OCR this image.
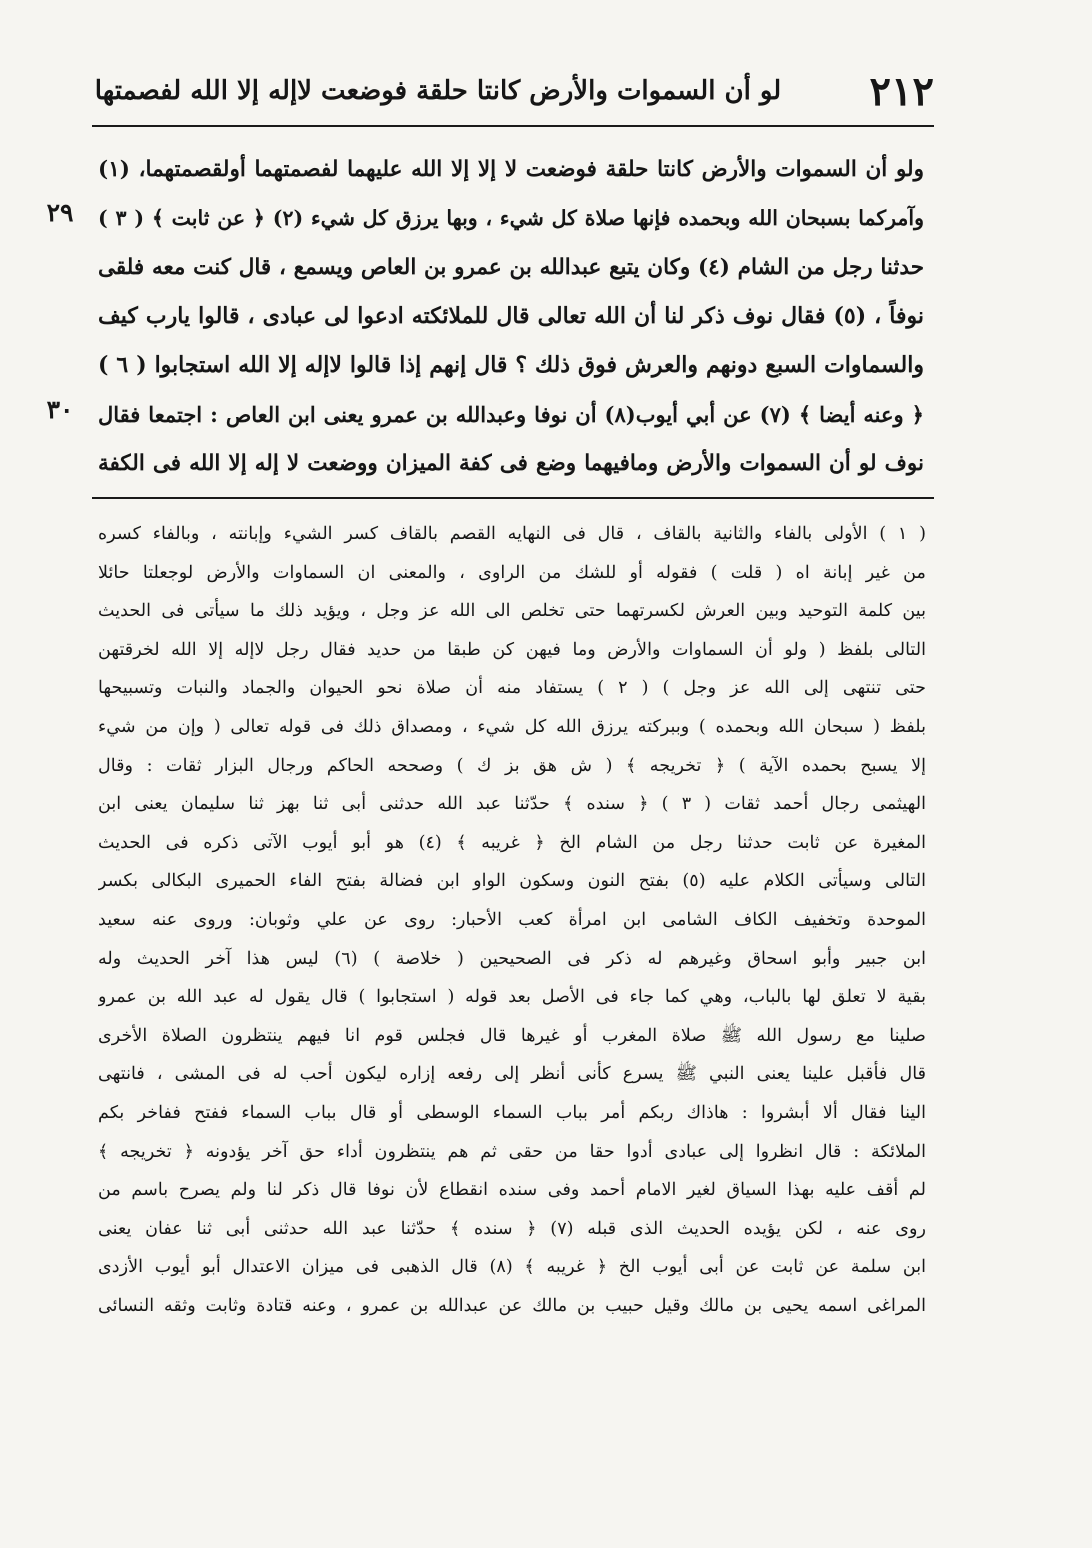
٢١٢
لو أن السموات والأرض كانتا حلقة فوضعت لاإله إلا الله لفصمتها
٢٩
٣٠
ولو أن السموات والأرض كانتا حلقة فوضعت لا إلا إلا الله عليهما لفصمتهما أولقصمتهما، (١)
وآمركما بسبحان الله وبحمده فإنها صلاة كل شيء ، وبها يرزق كل شيء (٢) ﴿ عن ثابت ﴾ ( ٣ )
حدثنا رجل من الشام (٤) وكان يتبع عبدالله بن عمرو بن العاص ويسمع ، قال كنت معه فلقى
نوفاً ، (٥) فقال نوف ذكر لنا أن الله تعالى قال للملائكته ادعوا لى عبادى ، قالوا يارب كيف
والسماوات السبع دونهم والعرش فوق ذلك ؟ قال إنهم إذا قالوا لاإله إلا الله استجابوا ( ٦ )
﴿ وعنه أيضا ﴾ (٧) عن أبي أيوب(٨) أن نوفا وعبدالله بن عمرو يعنى ابن العاص : اجتمعا فقال
نوف لو أن السموات والأرض ومافيهما وضع فى كفة الميزان ووضعت لا إله إلا الله فى الكفة
( ١ ) الأولى بالفاء والثانية بالقاف ، قال فى النهايه القصم بالقاف كسر الشيء وإبانته ، وبالفاء كسره
من غير إبانة اه ( قلت ) فقوله أو للشك من الراوى ، والمعنى ان السماوات والأرض لوجعلتا حائلا
بين كلمة التوحيد وبين العرش لكسرتهما حتى تخلص الى الله عز وجل ، ويؤيد ذلك ما سيأتى فى الحديث
التالى بلفظ ( ولو أن السماوات والأرض وما فيهن كن طبقا من حديد فقال رجل لاإله إلا الله لخرقتهن
حتى تنتهى إلى الله عز وجل ) ( ٢ ) يستفاد منه أن صلاة نحو الحيوان والجماد والنبات وتسبيحها
بلفظ ( سبحان الله وبحمده ) وببركته يرزق الله كل شيء ، ومصداق ذلك فى قوله تعالى ( وإن من شيء
إلا يسبح بحمده الآية ) ﴿ تخريجه ﴾ ( ش هق بز ك ) وصححه الحاكم ورجال البزار ثقات : وقال
الهيثمى رجال أحمد ثقات ( ٣ ) ﴿ سنده ﴾ حدّثنا عبد الله حدثنى أبى ثنا بهز ثنا سليمان يعنى ابن
المغيرة عن ثابت حدثنا رجل من الشام الخ ﴿ غريبه ﴾ (٤) هو أبو أيوب الآتى ذكره فى الحديث
التالى وسيأتى الكلام عليه (٥) بفتح النون وسكون الواو ابن فضالة بفتح الفاء الحميرى البكالى بكسر
الموحدة وتخفيف الكاف الشامى ابن امرأة كعب الأحبار: روى عن علي وثوبان: وروى عنه سعيد
ابن جبير وأبو اسحاق وغيرهم له ذكر فى الصحيحين ( خلاصة ) (٦) ليس هذا آخر الحديث وله
بقية لا تعلق لها بالباب، وهي كما جاء فى الأصل بعد قوله ( استجابوا ) قال يقول له عبد الله بن عمرو
صلينا مع رسول الله ﷺ صلاة المغرب أو غيرها قال فجلس قوم انا فيهم ينتظرون الصلاة الأخرى
قال فأقبل علينا يعنى النبي ﷺ يسرع كأنى أنظر إلى رفعه إزاره ليكون أحب له فى المشى ، فانتهى
الينا فقال ألا أبشروا : هاذاك ربكم أمر بباب السماء الوسطى أو قال بباب السماء ففتح ففاخر بكم
الملائكة : قال انظروا إلى عبادى أدوا حقا من حقى ثم هم ينتظرون أداء حق آخر يؤدونه ﴿ تخريجه ﴾
لم أقف عليه بهذا السياق لغير الامام أحمد وفى سنده انقطاع لأن نوفا قال ذكر لنا ولم يصرح باسم من
روى عنه ، لكن يؤيده الحديث الذى قبله (٧) ﴿ سنده ﴾ حدّثنا عبد الله حدثنى أبى ثنا عفان يعنى
ابن سلمة عن ثابت عن أبى أيوب الخ ﴿ غريبه ﴾ (٨) قال الذهبى فى ميزان الاعتدال أبو أيوب الأزدى
المراغى اسمه يحيى بن مالك وقيل حبيب بن مالك عن عبدالله بن عمرو ، وعنه قتادة وثابت وثقه النسائى
